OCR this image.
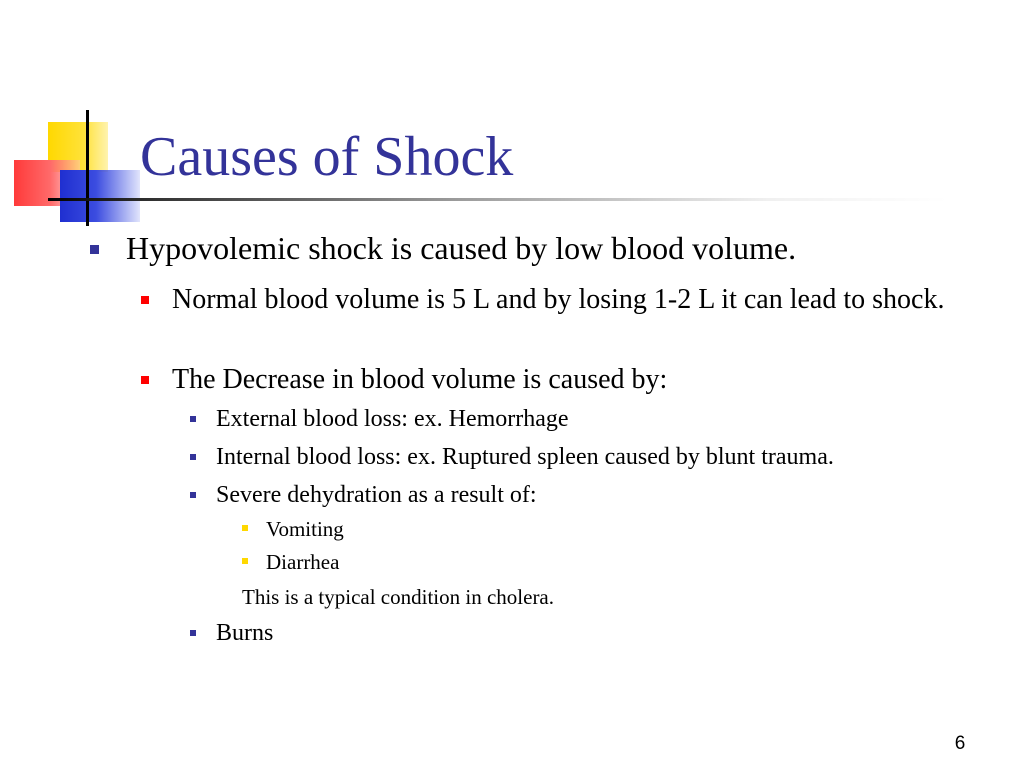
Causes of Shock
Hypovolemic shock is caused by low blood volume.
Normal blood volume is 5 L and by losing 1-2 L it can lead to shock.
The Decrease in blood volume is caused by:
External blood loss: ex. Hemorrhage
Internal blood loss: ex. Ruptured spleen caused by blunt trauma.
Severe dehydration as a result of:
Vomiting
Diarrhea
This is a typical condition in cholera.
Burns
6
